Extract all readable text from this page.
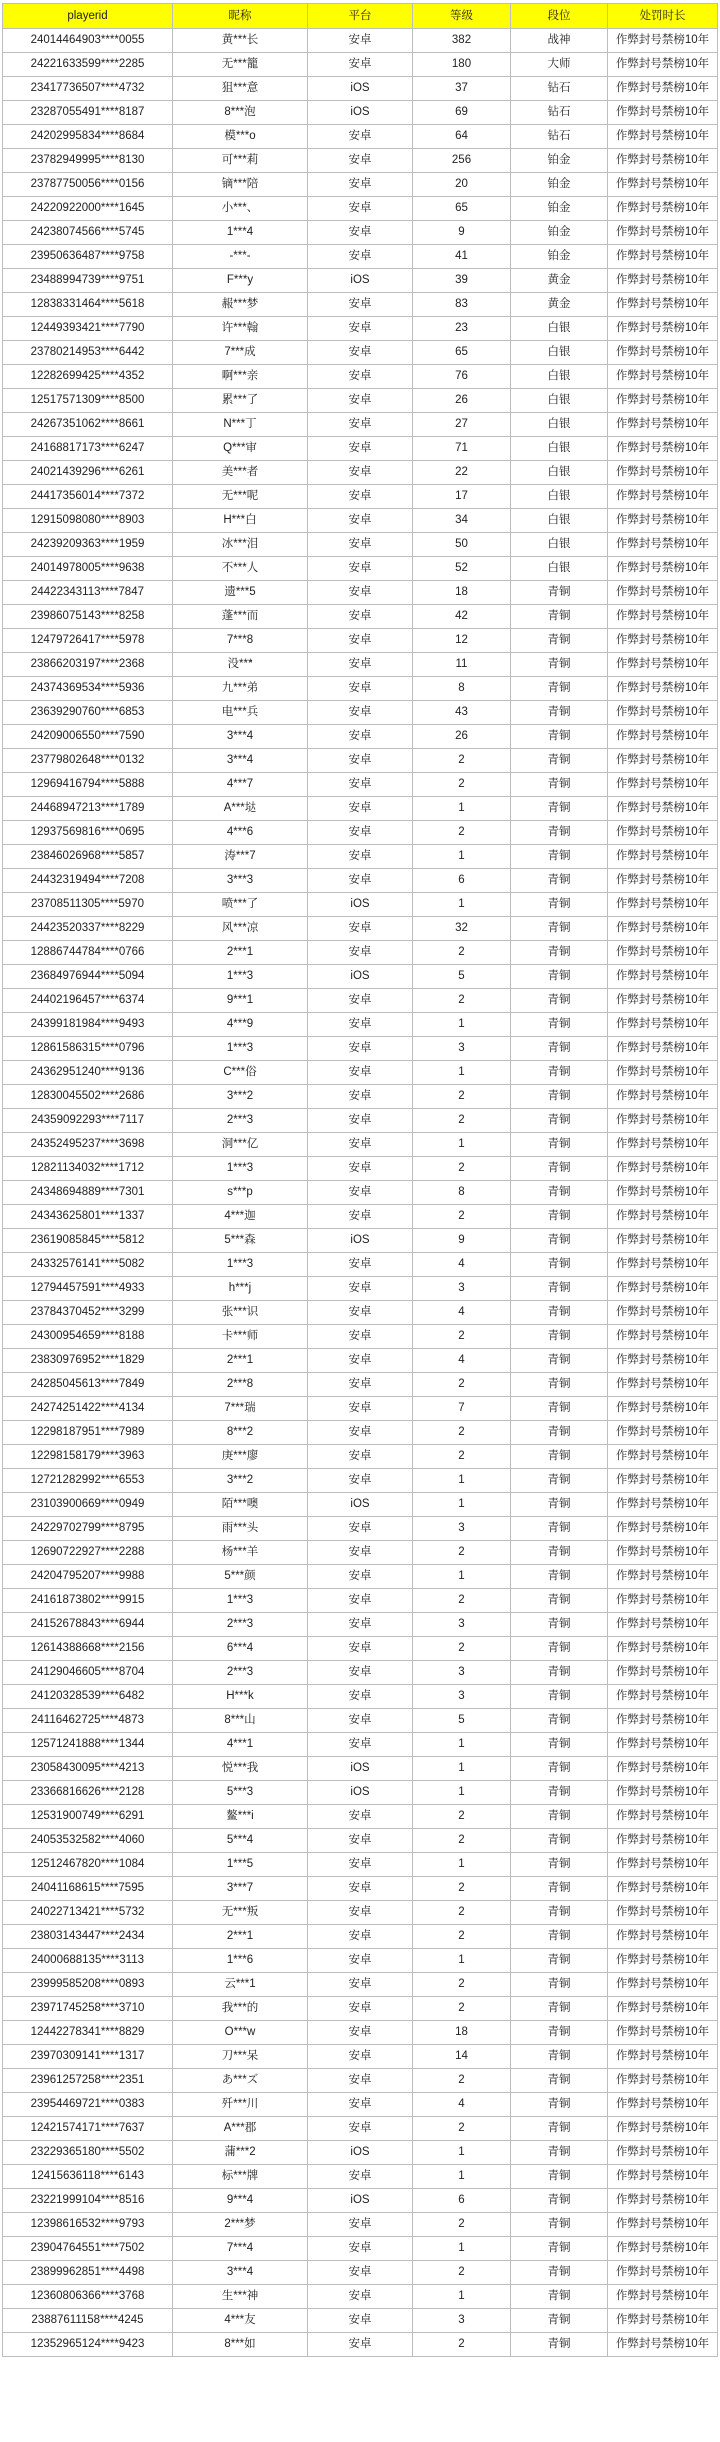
playerid	昵称	平台	等级	段位	处罚时长
24014464903****0055	黄***长	安卓	382	战神	作弊封号禁榜10年
24221633599****2285	无***籠	安卓	180	大师	作弊封号禁榜10年
23417736507****4732	狙***意	iOS	37	钻石	作弊封号禁榜10年
23287055491****8187	8***泡	iOS	69	钻石	作弊封号禁榜10年
24202995834****8684	模***o	安卓	64	钻石	作弊封号禁榜10年
23782949995****8130	可***莉	安卓	256	铂金	作弊封号禁榜10年
23787750056****0156	镝***陪	安卓	20	铂金	作弊封号禁榜10年
24220922000****1645	小***、	安卓	65	铂金	作弊封号禁榜10年
24238074566****5745	1***4	安卓	9	铂金	作弊封号禁榜10年
23950636487****9758	-***-	安卓	41	铂金	作弊封号禁榜10年
23488994739****9751	F***y	iOS	39	黄金	作弊封号禁榜10年
12838331464****5618	赧***梦	安卓	83	黄金	作弊封号禁榜10年
12449393421****7790	许***翰	安卓	23	白银	作弊封号禁榜10年
23780214953****6442	7***成	安卓	65	白银	作弊封号禁榜10年
12282699425****4352	啊***亲	安卓	76	白银	作弊封号禁榜10年
12517571309****8500	累***了	安卓	26	白银	作弊封号禁榜10年
24267351062****8661	N***丁	安卓	27	白银	作弊封号禁榜10年
24168817173****6247	Q***审	安卓	71	白银	作弊封号禁榜10年
24021439296****6261	美***者	安卓	22	白银	作弊封号禁榜10年
24417356014****7372	无***呢	安卓	17	白银	作弊封号禁榜10年
12915098080****8903	H***白	安卓	34	白银	作弊封号禁榜10年
24239209363****1959	冰***泪	安卓	50	白银	作弊封号禁榜10年
24014978005****9638	不***人	安卓	52	白银	作弊封号禁榜10年
24422343113****7847	遗***5	安卓	18	青铜	作弊封号禁榜10年
23986075143****8258	蓬***而	安卓	42	青铜	作弊封号禁榜10年
12479726417****5978	7***8	安卓	12	青铜	作弊封号禁榜10年
23866203197****2368	没***ᡃ	安卓	11	青铜	作弊封号禁榜10年
24374369534****5936	九***弟	安卓	8	青铜	作弊封号禁榜10年
23639290760****6853	电***兵	安卓	43	青铜	作弊封号禁榜10年
24209006550****7590	3***4	安卓	26	青铜	作弊封号禁榜10年
23779802648****0132	3***4	安卓	2	青铜	作弊封号禁榜10年
12969416794****5888	4***7	安卓	2	青铜	作弊封号禁榜10年
24468947213****1789	A***垯	安卓	1	青铜	作弊封号禁榜10年
12937569816****0695	4***6	安卓	2	青铜	作弊封号禁榜10年
23846026968****5857	涛***7	安卓	1	青铜	作弊封号禁榜10年
24432319494****7208	3***3	安卓	6	青铜	作弊封号禁榜10年
23708511305****5970	喷***了	iOS	1	青铜	作弊封号禁榜10年
24423520337****8229	风***凉	安卓	32	青铜	作弊封号禁榜10年
12886744784****0766	2***1	安卓	2	青铜	作弊封号禁榜10年
23684976944****5094	1***3	iOS	5	青铜	作弊封号禁榜10年
24402196457****6374	9***1	安卓	2	青铜	作弊封号禁榜10年
24399181984****9493	4***9	安卓	1	青铜	作弊封号禁榜10年
12861586315****0796	1***3	安卓	3	青铜	作弊封号禁榜10年
24362951240****9136	C***俗	安卓	1	青铜	作弊封号禁榜10年
12830045502****2686	3***2	安卓	2	青铜	作弊封号禁榜10年
24359092293****7117	2***3	安卓	2	青铜	作弊封号禁榜10年
24352495237****3698	洞***亿	安卓	1	青铜	作弊封号禁榜10年
12821134032****1712	1***3	安卓	2	青铜	作弊封号禁榜10年
24348694889****7301	s***p	安卓	8	青铜	作弊封号禁榜10年
24343625801****1337	4***迦	安卓	2	青铜	作弊封号禁榜10年
23619085845****5812	5***森	iOS	9	青铜	作弊封号禁榜10年
24332576141****5082	1***3	安卓	4	青铜	作弊封号禁榜10年
12794457591****4933	h***j	安卓	3	青铜	作弊封号禁榜10年
23784370452****3299	张***识	安卓	4	青铜	作弊封号禁榜10年
24300954659****8188	卡***师	安卓	2	青铜	作弊封号禁榜10年
23830976952****1829	2***1	安卓	4	青铜	作弊封号禁榜10年
24285045613****7849	2***8	安卓	2	青铜	作弊封号禁榜10年
24274251422****4134	7***瑞	安卓	7	青铜	作弊封号禁榜10年
12298187951****7989	8***2	安卓	2	青铜	作弊封号禁榜10年
12298158179****3963	庚***廖	安卓	2	青铜	作弊封号禁榜10年
12721282992****6553	3***2	安卓	1	青铜	作弊封号禁榜10年
23103900669****0949	陌***噢	iOS	1	青铜	作弊封号禁榜10年
24229702799****8795	雨***头	安卓	3	青铜	作弊封号禁榜10年
12690722927****2288	杨***羊	安卓	2	青铜	作弊封号禁榜10年
24204795207****9988	5***颜	安卓	1	青铜	作弊封号禁榜10年
24161873802****9915	1***3	安卓	2	青铜	作弊封号禁榜10年
24152678843****6944	2***3	安卓	3	青铜	作弊封号禁榜10年
12614388668****2156	6***4	安卓	2	青铜	作弊封号禁榜10年
24129046605****8704	2***3	安卓	3	青铜	作弊封号禁榜10年
24120328539****6482	H***k	安卓	3	青铜	作弊封号禁榜10年
24116462725****4873	8***山	安卓	5	青铜	作弊封号禁榜10年
12571241888****1344	4***1	安卓	1	青铜	作弊封号禁榜10年
23058430095****4213	悦***我	iOS	1	青铜	作弊封号禁榜10年
23366816626****2128	5***3	iOS	1	青铜	作弊封号禁榜10年
12531900749****6291	鳌***i	安卓	2	青铜	作弊封号禁榜10年
24053532582****4060	5***4	安卓	2	青铜	作弊封号禁榜10年
12512467820****1084	1***5	安卓	1	青铜	作弊封号禁榜10年
24041168615****7595	3***7	安卓	2	青铜	作弊封号禁榜10年
24022713421****5732	无***叛	安卓	2	青铜	作弊封号禁榜10年
23803143447****2434	2***1	安卓	2	青铜	作弊封号禁榜10年
24000688135****3113	1***6	安卓	1	青铜	作弊封号禁榜10年
23999585208****0893	云***1	安卓	2	青铜	作弊封号禁榜10年
23971745258****3710	我***的	安卓	2	青铜	作弊封号禁榜10年
12442278341****8829	O***w	安卓	18	青铜	作弊封号禁榜10年
23970309141****1317	刀***呆	安卓	14	青铜	作弊封号禁榜10年
23961257258****2351	あ***ズ	安卓	2	青铜	作弊封号禁榜10年
23954469721****0383	歼***川	安卓	4	青铜	作弊封号禁榜10年
12421574171****7637	A***郡	安卓	2	青铜	作弊封号禁榜10年
23229365180****5502	蒲***2	iOS	1	青铜	作弊封号禁榜10年
12415636118****6143	标***牌	安卓	1	青铜	作弊封号禁榜10年
23221999104****8516	9***4	iOS	6	青铜	作弊封号禁榜10年
12398616532****9793	2***梦	安卓	2	青铜	作弊封号禁榜10年
23904764551****7502	7***4	安卓	1	青铜	作弊封号禁榜10年
23899962851****4498	3***4	安卓	2	青铜	作弊封号禁榜10年
12360806366****3768	生***神	安卓	1	青铜	作弊封号禁榜10年
23887611158****4245	4***友	安卓	3	青铜	作弊封号禁榜10年
12352965124****9423	8***如	安卓	2	青铜	作弊封号禁榜10年
